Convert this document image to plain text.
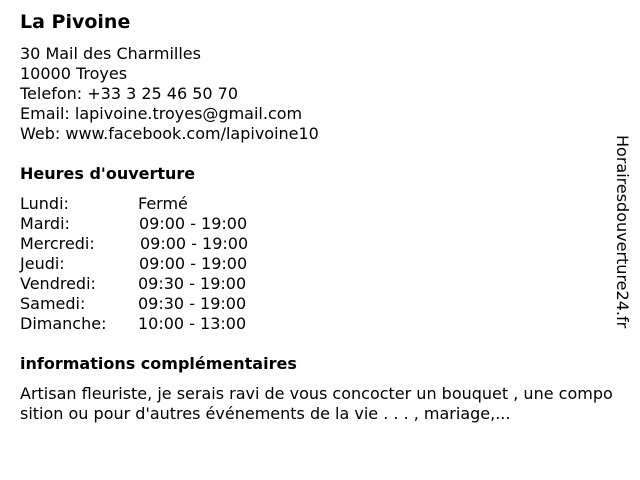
La Pivoine
30 Mail des Charmilles
10000 Troyes
Telefon: +33 3 25 46 50 70
Email: lapivoine.troyes@gmail.com
Web: www.facebook.com/lapivoine10
Heures d'ouverture
Lundi:	Fermé
Mardi:	09:00 - 19:00
Mercredi:	09:00 - 19:00
Jeudi:	09:00 - 19:00
Vendredi:	09:30 - 19:00
Samedi:	09:30 - 19:00
Dimanche: 10:00 - 13:00
informations complémentaires
Artisan fleuriste, je serais ravi de vous concocter un bouquet , une composition ou pour d'autres événements de la vie . . . , mariage,...
Horairesdouverture24.fr
